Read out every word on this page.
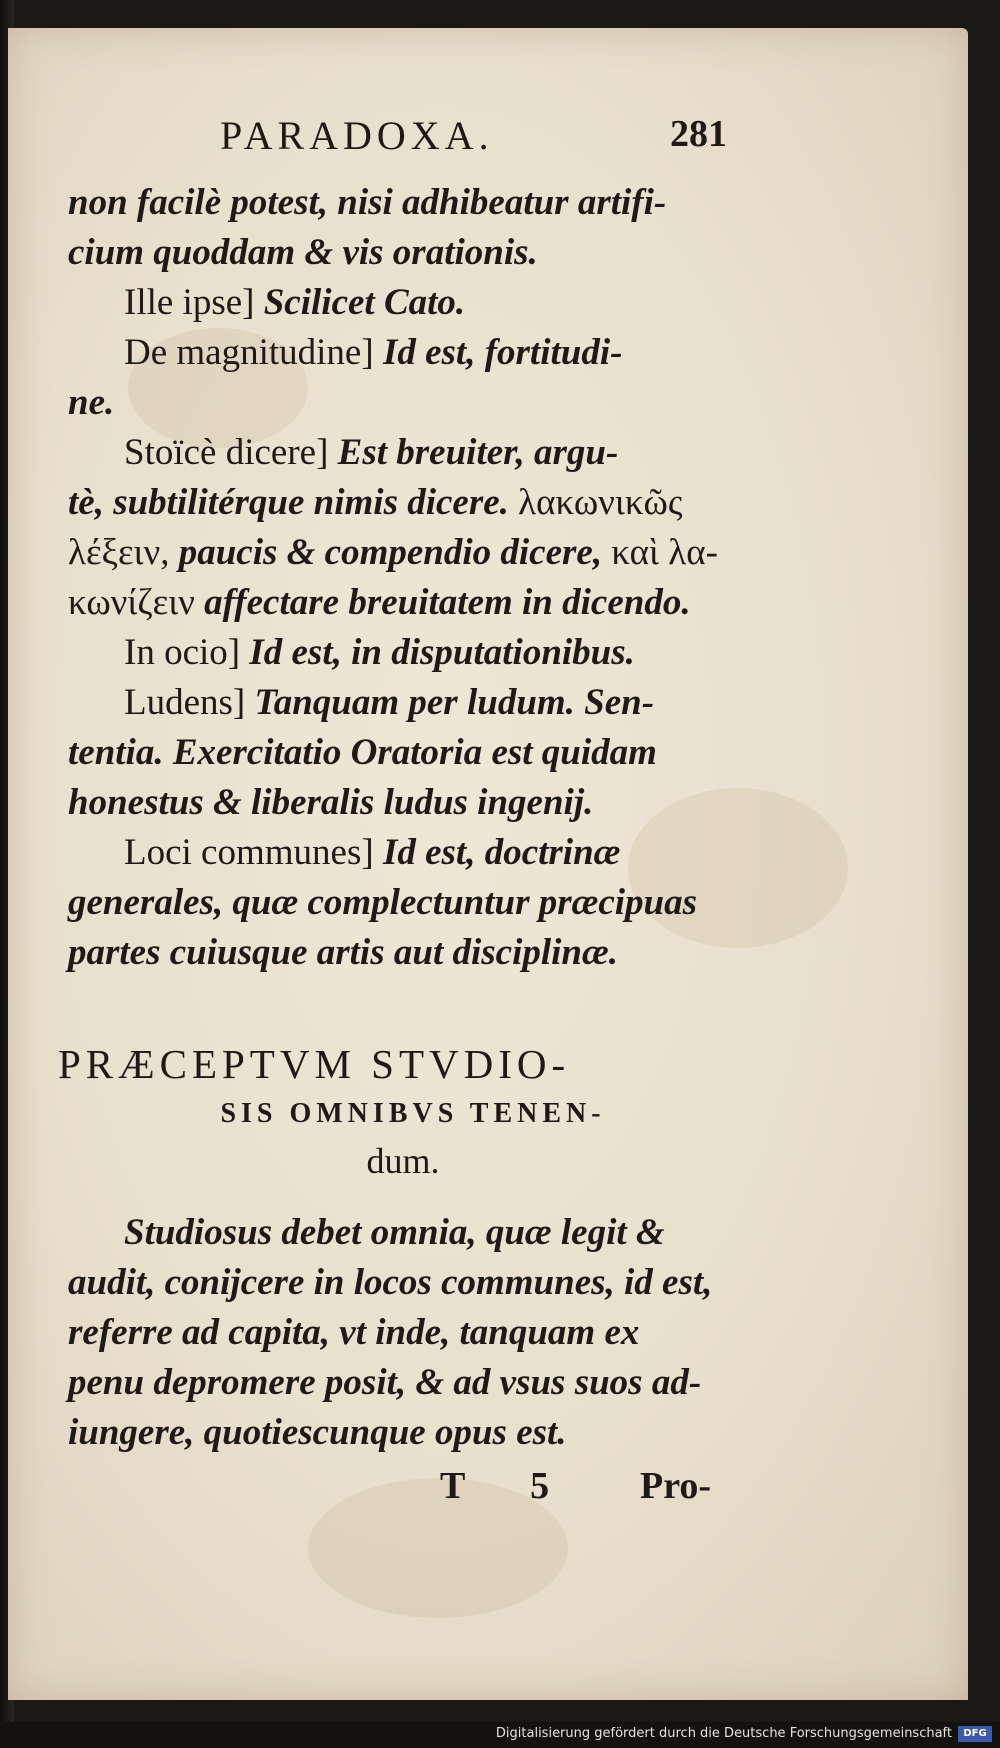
PARADOXA.	281
non facilè potest, nisi adhibeatur artifi-
cium quoddam & vis orationis.
Ille ipse] Scilicet Cato.
De magnitudine] Id est, fortitudi-
ne.
Stoïcè dicere] Est breuiter, argu-
tè, subtilitérque nimis dicere. λακωνικῶς
λέξειν, paucis & compendio dicere, καὶ λα-
κωνίζειν affectare breuitatem in dicendo.
In ocio] Id est, in disputationibus.
Ludens] Tanquam per ludum. Sen-
tentia. Exercitatio Oratoria est quidam
honestus & liberalis ludus ingenij.
Loci communes] Id est, doctrinæ
generales, quæ complectuntur præcipuas
partes cuiusque artis aut disciplinæ.
PRÆCEPTVM STVDIO-
SIS OMNIBVS TENEN-
dum.
Studiosus debet omnia, quæ legit &
audit, conijcere in locos communes, id est,
referre ad capita, vt inde, tanquam ex
penu depromere posit, & ad vsus suos ad-
iungere, quotiescunque opus est.
T 5 Pro-
Digitalisierung gefördert durch die Deutsche Forschungsgemeinschaft	DFG
